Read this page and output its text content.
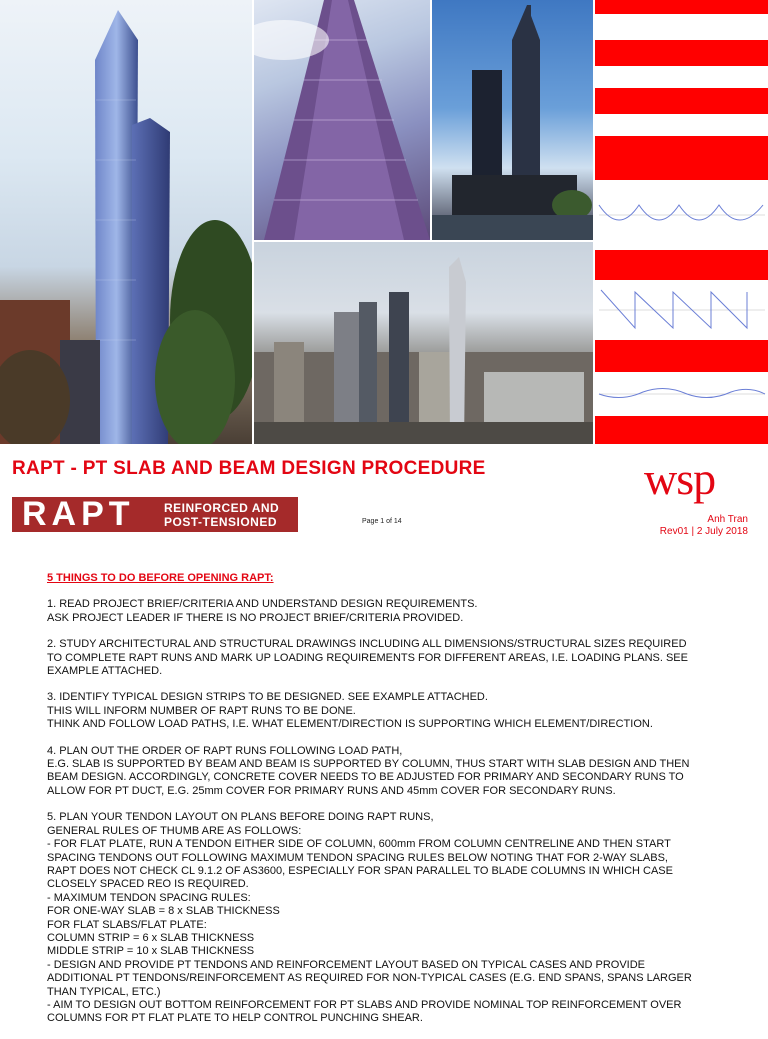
RAPT - PT SLAB AND BEAM DESIGN PROCEDURE	wsp
RAPT	REINFORCED AND
POST-TENSIONED	Page 1 of 14	Anh Tran
Rev01 | 2 July 2018
5 THINGS TO DO BEFORE OPENING RAPT:

1. READ PROJECT BRIEF/CRITERIA AND UNDERSTAND DESIGN REQUIREMENTS.
ASK PROJECT LEADER IF THERE IS NO PROJECT BRIEF/CRITERIA PROVIDED.

2. STUDY ARCHITECTURAL AND STRUCTURAL DRAWINGS INCLUDING ALL DIMENSIONS/STRUCTURAL SIZES REQUIRED
TO COMPLETE RAPT RUNS AND MARK UP LOADING REQUIREMENTS FOR DIFFERENT AREAS, I.E. LOADING PLANS. SEE
EXAMPLE ATTACHED.

3. IDENTIFY TYPICAL DESIGN STRIPS TO BE DESIGNED. SEE EXAMPLE ATTACHED.
THIS WILL INFORM NUMBER OF RAPT RUNS TO BE DONE.
THINK AND FOLLOW LOAD PATHS, I.E. WHAT ELEMENT/DIRECTION IS SUPPORTING WHICH ELEMENT/DIRECTION.

4. PLAN OUT THE ORDER OF RAPT RUNS FOLLOWING LOAD PATH,
E.G. SLAB IS SUPPORTED BY BEAM AND BEAM IS SUPPORTED BY COLUMN, THUS START WITH SLAB DESIGN AND THEN
BEAM DESIGN. ACCORDINGLY, CONCRETE COVER NEEDS TO BE ADJUSTED FOR PRIMARY AND SECONDARY RUNS TO
ALLOW FOR PT DUCT, E.G. 25mm COVER FOR PRIMARY RUNS AND 45mm COVER FOR SECONDARY RUNS.

5. PLAN YOUR TENDON LAYOUT ON PLANS BEFORE DOING RAPT RUNS,
GENERAL RULES OF THUMB ARE AS FOLLOWS:
- FOR FLAT PLATE, RUN A TENDON EITHER SIDE OF COLUMN, 600mm FROM COLUMN CENTRELINE AND THEN START
SPACING TENDONS OUT FOLLOWING MAXIMUM TENDON SPACING RULES BELOW NOTING THAT FOR 2-WAY SLABS,
RAPT DOES NOT CHECK CL 9.1.2 OF AS3600, ESPECIALLY FOR SPAN PARALLEL TO BLADE COLUMNS IN WHICH CASE
CLOSELY SPACED REO IS REQUIRED.
- MAXIMUM TENDON SPACING RULES:
FOR ONE-WAY SLAB = 8 x SLAB THICKNESS
FOR FLAT SLABS/FLAT PLATE:
COLUMN STRIP = 6 x SLAB THICKNESS
MIDDLE STRIP = 10 x SLAB THICKNESS
- DESIGN AND PROVIDE PT TENDONS AND REINFORCEMENT LAYOUT BASED ON TYPICAL CASES AND PROVIDE
ADDITIONAL PT TENDONS/REINFORCEMENT AS REQUIRED FOR NON-TYPICAL CASES (E.G. END SPANS, SPANS LARGER
THAN TYPICAL, ETC.)
- AIM TO DESIGN OUT BOTTOM REINFORCEMENT FOR PT SLABS AND PROVIDE NOMINAL TOP REINFORCEMENT OVER
COLUMNS FOR PT FLAT PLATE TO HELP CONTROL PUNCHING SHEAR.
